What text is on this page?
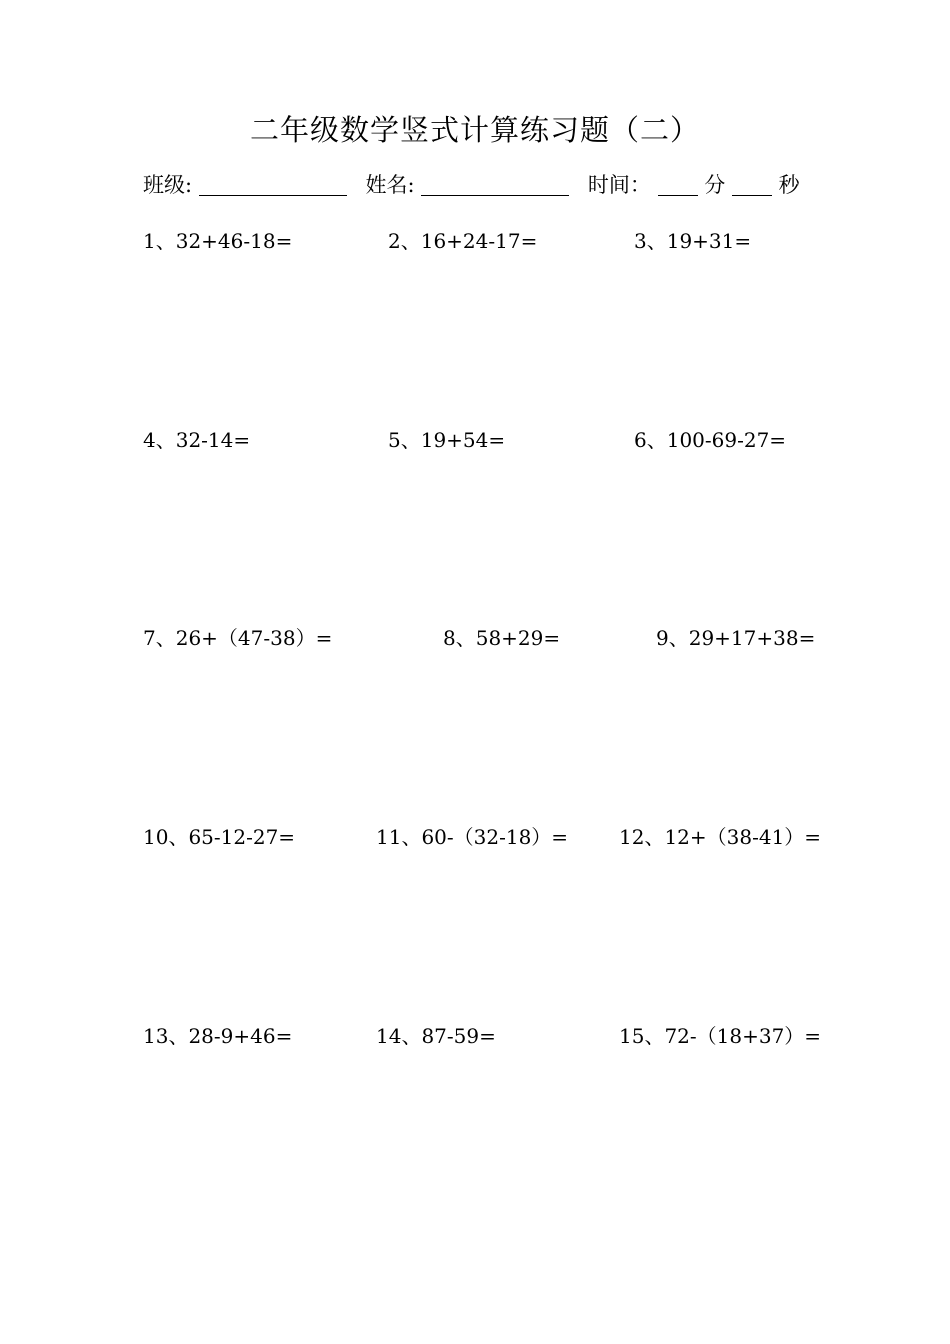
二年级数学竖式计算练习题（二）
班级:	姓名:	时间：	分	秒
1、32+46-18=	2、16+24-17=	3、19+31=
4、32-14=	5、19+54=	6、100-69-27=
7、26+（47-38）=	8、58+29=	9、29+17+38=
10、65-12-27=	11、60-（32-18）=	12、12+（38-41）=
13、28-9+46=	14、87-59=	15、72-（18+37）=
